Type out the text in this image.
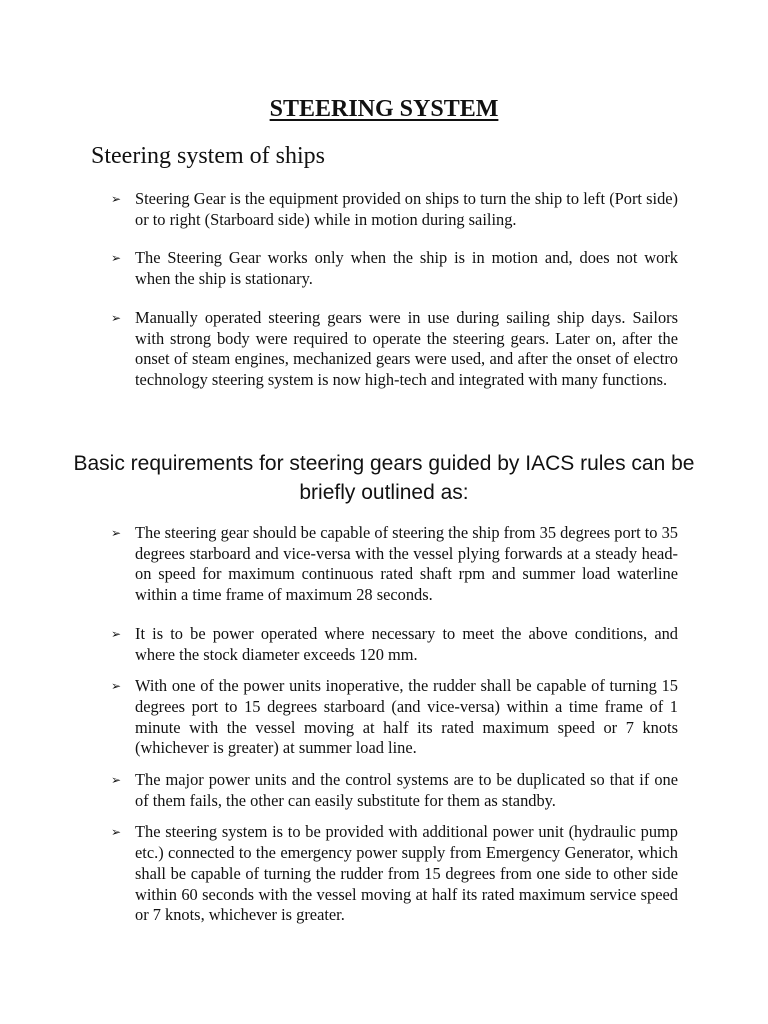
STEERING SYSTEM
Steering system of ships
➢ Steering Gear is the equipment provided on ships to turn the ship to left (Port side) or to right (Starboard side) while in motion during sailing.
➢ The Steering Gear works only when the ship is in motion and, does not work when the ship is stationary.
➢ Manually operated steering gears were in use during sailing ship days. Sailors with strong body were required to operate the steering gears. Later on, after the onset of steam engines, mechanized gears were used, and after the onset of electro technology steering system is now high-tech and integrated with many functions.
Basic requirements for steering gears guided by IACS rules can be briefly outlined as:
➢ The steering gear should be capable of steering the ship from 35 degrees port to 35 degrees starboard and vice-versa with the vessel plying forwards at a steady head-on speed for maximum continuous rated shaft rpm and summer load waterline within a time frame of maximum 28 seconds.
➢ It is to be power operated where necessary to meet the above conditions, and where the stock diameter exceeds 120 mm.
➢ With one of the power units inoperative, the rudder shall be capable of turning 15 degrees port to 15 degrees starboard (and vice-versa) within a time frame of 1 minute with the vessel moving at half its rated maximum speed or 7 knots (whichever is greater) at summer load line.
➢ The major power units and the control systems are to be duplicated so that if one of them fails, the other can easily substitute for them as standby.
➢ The steering system is to be provided with additional power unit (hydraulic pump etc.) connected to the emergency power supply from Emergency Generator, which shall be capable of turning the rudder from 15 degrees from one side to other side within 60 seconds with the vessel moving at half its rated maximum service speed or 7 knots, whichever is greater.
